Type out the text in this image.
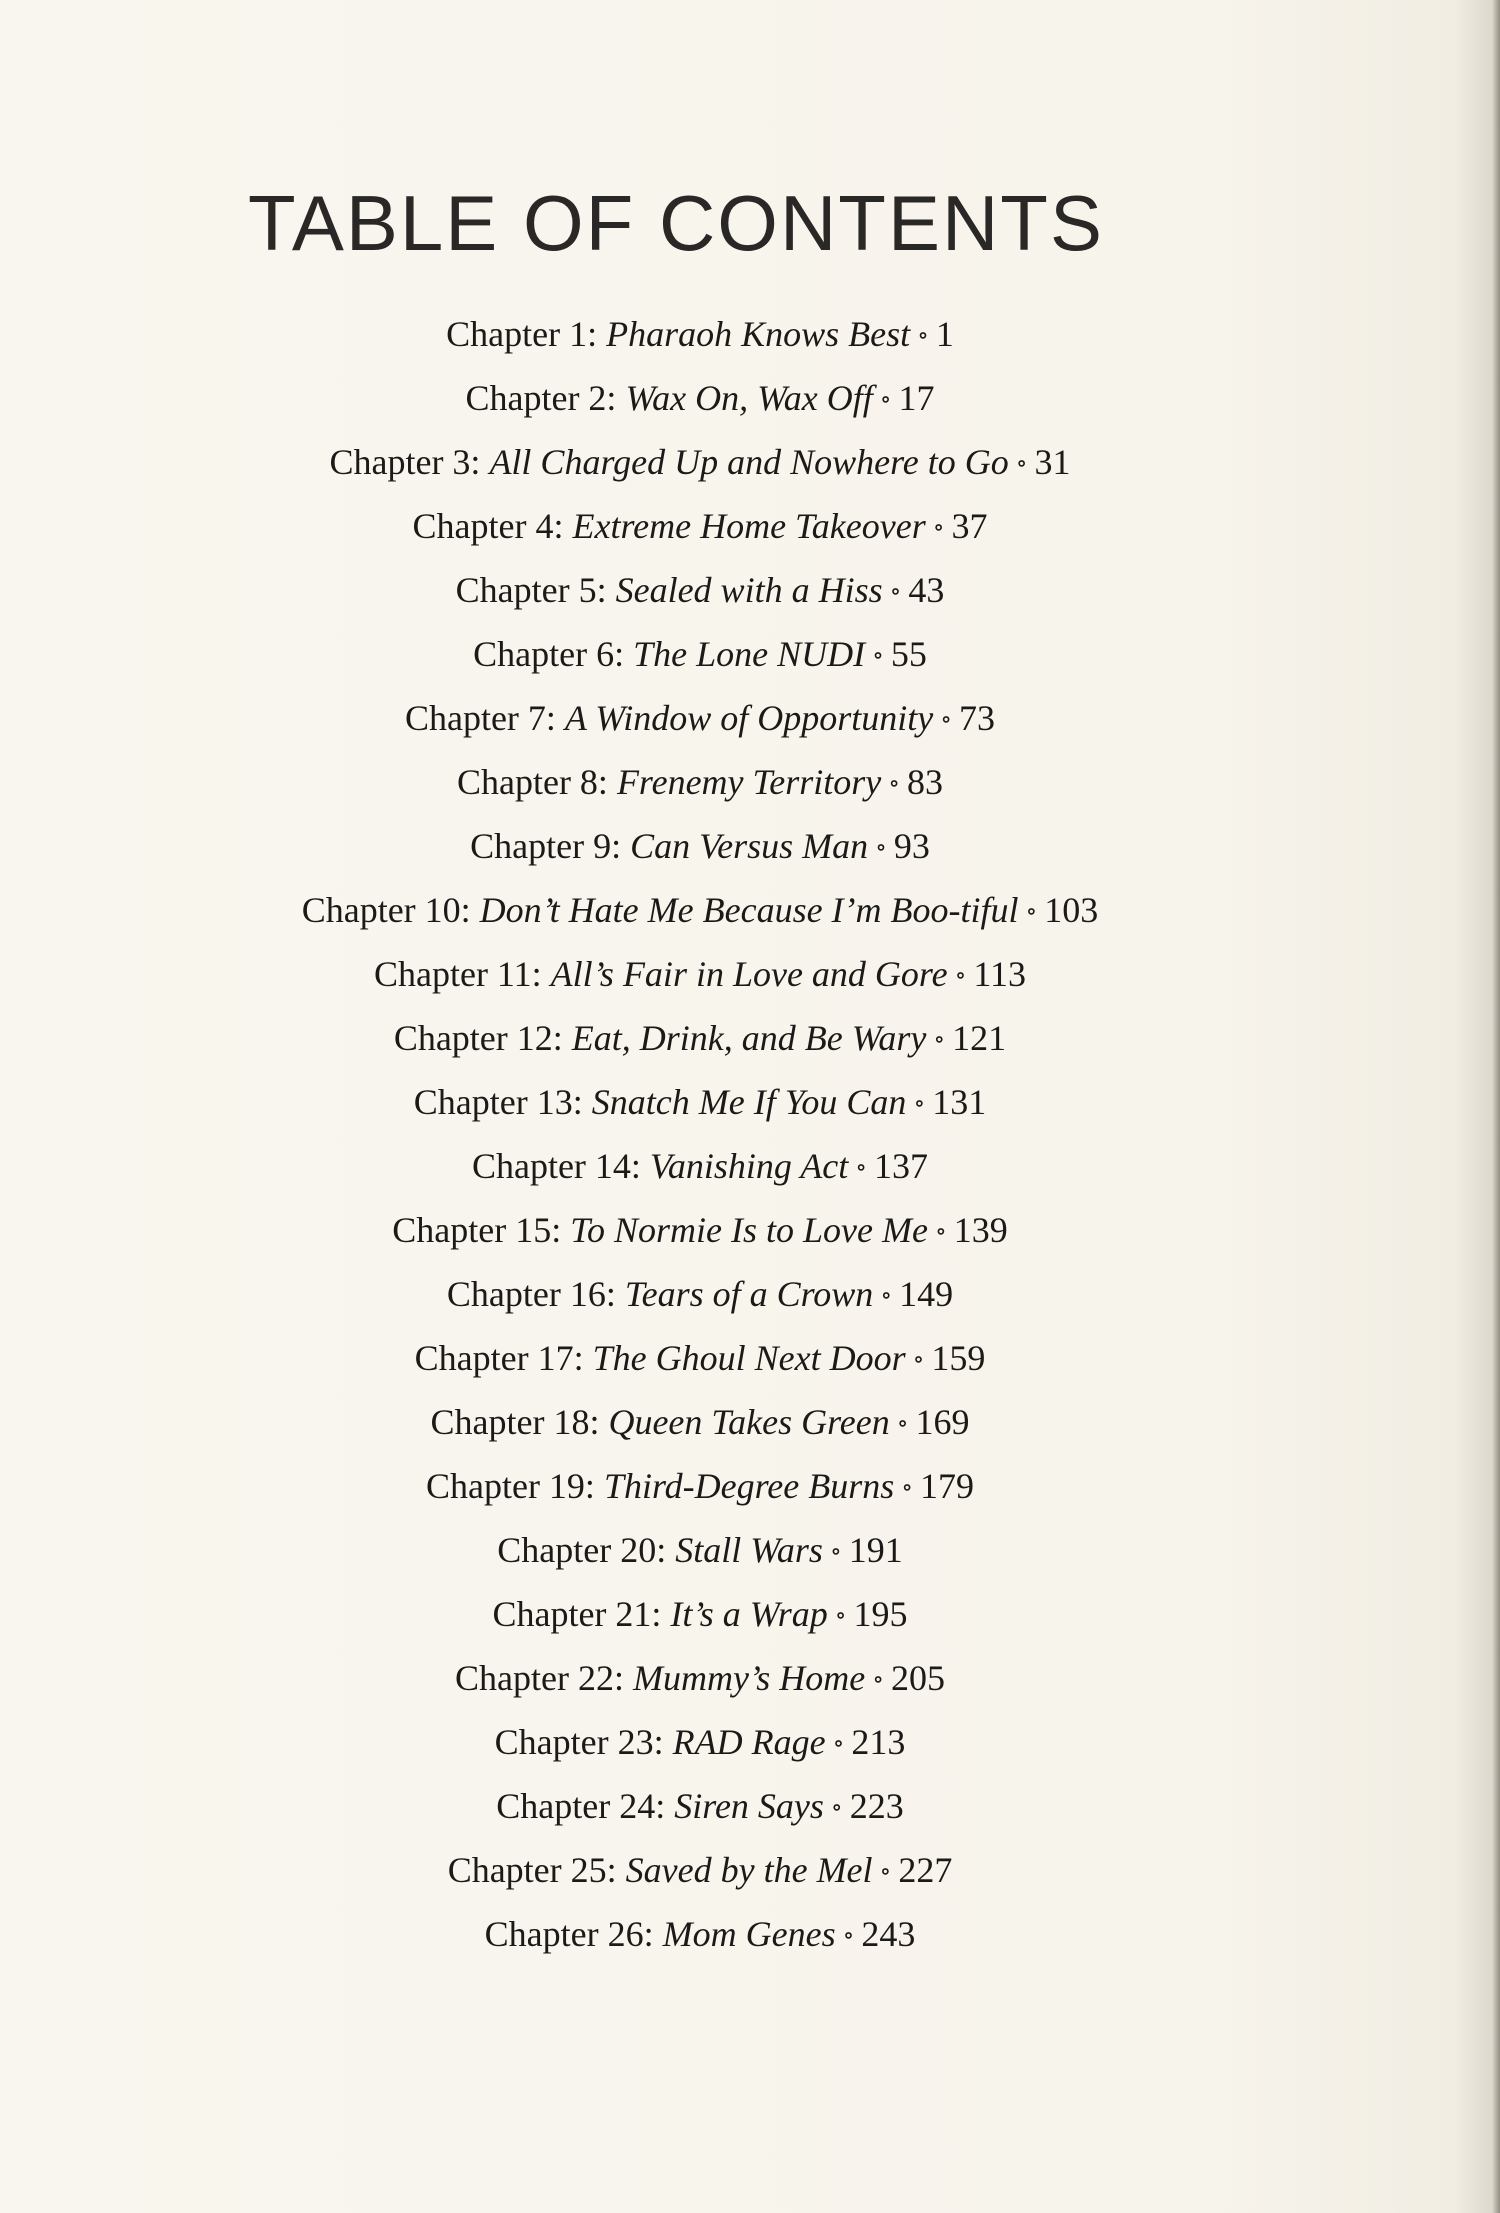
TABLE OF CONTENTS
Chapter 1: Pharaoh Knows Best ∘ 1
Chapter 2: Wax On, Wax Off ∘ 17
Chapter 3: All Charged Up and Nowhere to Go ∘ 31
Chapter 4: Extreme Home Takeover ∘ 37
Chapter 5: Sealed with a Hiss ∘ 43
Chapter 6: The Lone NUDI ∘ 55
Chapter 7: A Window of Opportunity ∘ 73
Chapter 8: Frenemy Territory ∘ 83
Chapter 9: Can Versus Man ∘ 93
Chapter 10: Don’t Hate Me Because I’m Boo-tiful ∘ 103
Chapter 11: All’s Fair in Love and Gore ∘ 113
Chapter 12: Eat, Drink, and Be Wary ∘ 121
Chapter 13: Snatch Me If You Can ∘ 131
Chapter 14: Vanishing Act ∘ 137
Chapter 15: To Normie Is to Love Me ∘ 139
Chapter 16: Tears of a Crown ∘ 149
Chapter 17: The Ghoul Next Door ∘ 159
Chapter 18: Queen Takes Green ∘ 169
Chapter 19: Third-Degree Burns ∘ 179
Chapter 20: Stall Wars ∘ 191
Chapter 21: It’s a Wrap ∘ 195
Chapter 22: Mummy’s Home ∘ 205
Chapter 23: RAD Rage ∘ 213
Chapter 24: Siren Says ∘ 223
Chapter 25: Saved by the Mel ∘ 227
Chapter 26: Mom Genes ∘ 243
